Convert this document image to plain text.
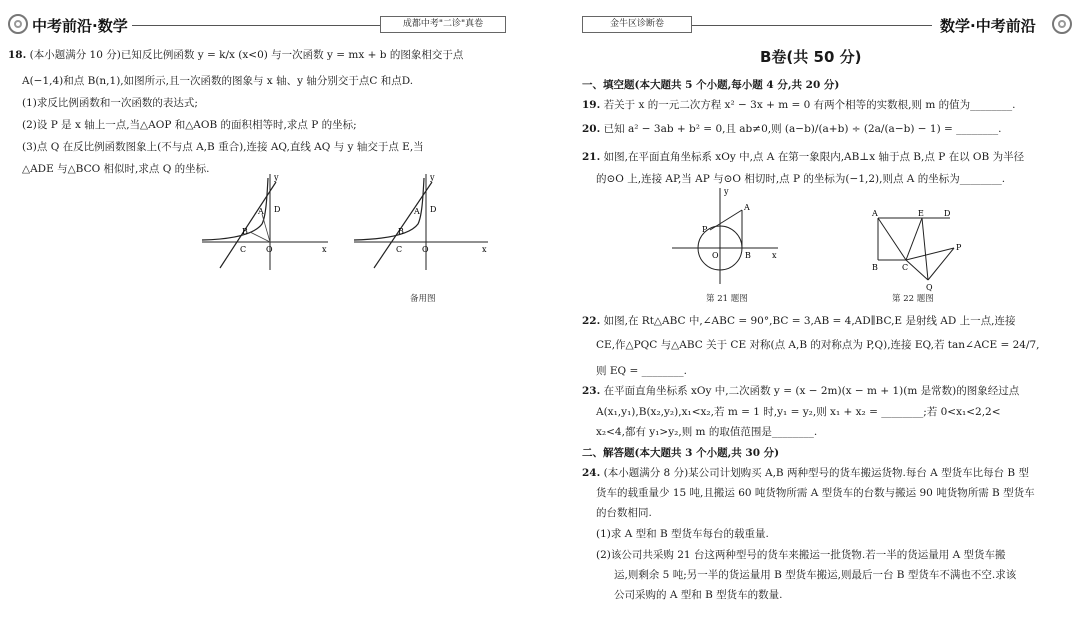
中考前沿·数学	成都中考"二诊"真卷
18. (本小题满分 10 分)已知反比例函数 y = k/x (x<0) 与一次函数 y = mx + b 的图象相交于点
A(−1,4)和点 B(n,1),如图所示,且一次函数的图象与 x 轴、y 轴分别交于点C 和点D.
(1)求反比例函数和一次函数的表达式;
(2)设 P 是 x 轴上一点,当△AOP 和△AOB 的面积相等时,求点 P 的坐标;
(3)点 Q 在反比例函数图象上(不与点 A,B 重合),连接 AQ,直线 AQ 与 y 轴交于点 E,当
△ADE 与△BCO 相似时,求点 Q 的坐标.
y
x
A
B
C
D
O
y
x
A
B
C
D
O
备用图
金牛区诊断卷	数学·中考前沿
B卷(共 50 分)
一、填空题(本大题共 5 个小题,每小题 4 分,共 20 分)
19. 若关于 x 的一元二次方程 x² − 3x + m = 0 有两个相等的实数根,则 m 的值为________.
20. 已知 a² − 3ab + b² = 0,且 ab≠0,则 (a−b)/(a+b) ÷ (2a/(a−b) − 1) = ________.
21. 如图,在平面直角坐标系 xOy 中,点 A 在第一象限内,AB⊥x 轴于点 B,点 P 在以 OB 为半径
的⊙O 上,连接 AP,当 AP 与⊙O 相切时,点 P 的坐标为(−1,2),则点 A 的坐标为________.
y
A
P
O	B	x
第 21 题图
A	E	D
P
B	C
Q
第 22 题图
22. 如图,在 Rt△ABC 中,∠ABC = 90°,BC = 3,AB = 4,AD∥BC,E 是射线 AD 上一点,连接
CE,作△PQC 与△ABC 关于 CE 对称(点 A,B 的对称点为 P,Q),连接 EQ,若 tan∠ACE = 24/7,
则 EQ = ________.
23. 在平面直角坐标系 xOy 中,二次函数 y = (x − 2m)(x − m + 1)(m 是常数)的图象经过点
A(x₁,y₁),B(x₂,y₂),x₁<x₂,若 m = 1 时,y₁ = y₂,则 x₁ + x₂ = ________;若 0<x₁<2,2<
x₂<4,都有 y₁>y₂,则 m 的取值范围是________.
二、解答题(本大题共 3 个小题,共 30 分)
24. (本小题满分 8 分)某公司计划购买 A,B 两种型号的货车搬运货物.每台 A 型货车比每台 B 型
货车的载重量少 15 吨,且搬运 60 吨货物所需 A 型货车的台数与搬运 90 吨货物所需 B 型货车
的台数相同.
(1)求 A 型和 B 型货车每台的载重量.
(2)该公司共采购 21 台这两种型号的货车来搬运一批货物.若一半的货运量用 A 型货车搬
运,则剩余 5 吨;另一半的货运量用 B 型货车搬运,则最后一台 B 型货车不满也不空.求该
公司采购的 A 型和 B 型货车的数量.
